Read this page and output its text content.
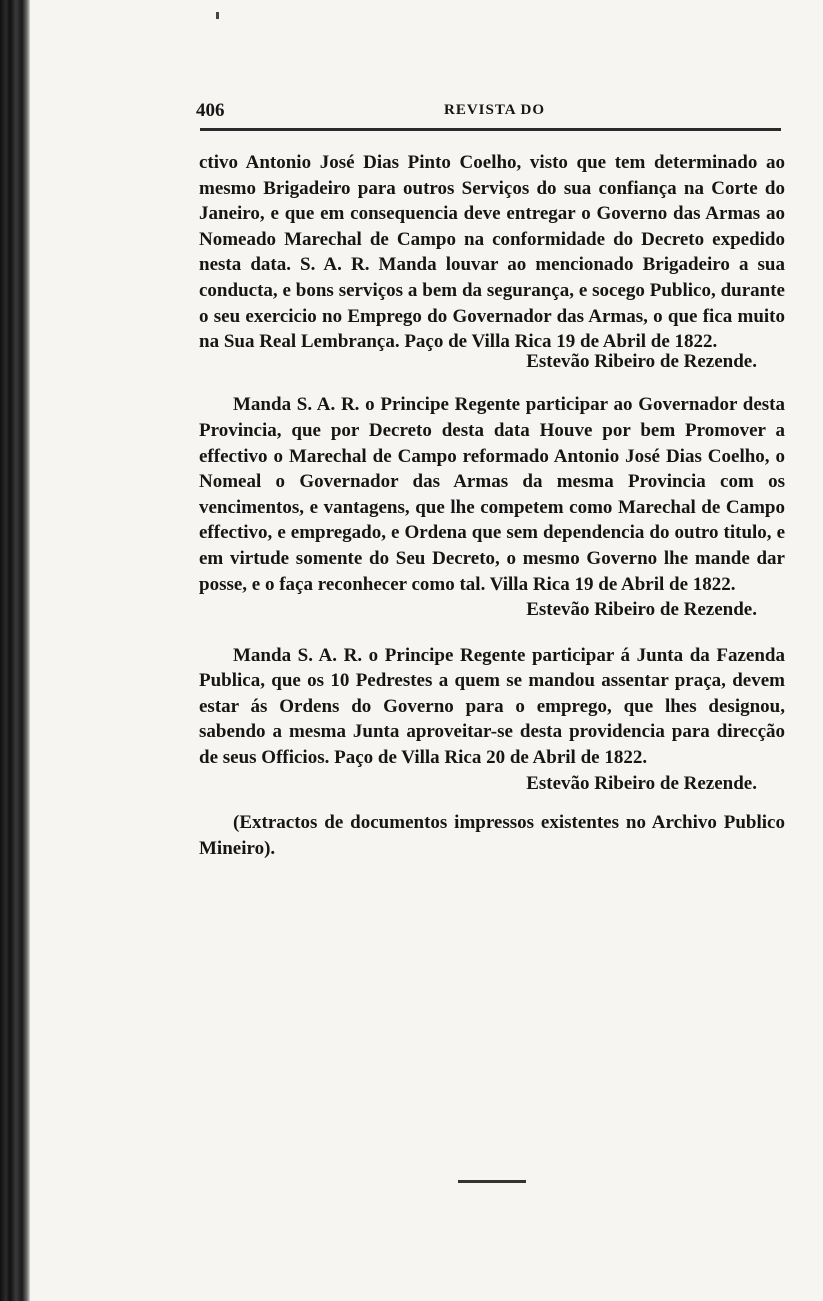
406	REVISTA DO

ctivo Antonio José Dias Pinto Coelho, visto que tem determinado ao mesmo Brigadeiro para outros Serviços do sua confiança na Corte do Janeiro, e que em consequencia deve entregar o Governo das Armas ao Nomeado Marechal de Campo na conformidade do Decreto expedido nesta data. S. A. R. Manda louvar ao mencionado Brigadeiro a sua conducta, e bons serviços a bem da segurança, e socego Publico, durante o seu exercicio no Emprego do Governador das Armas, o que fica muito na Sua Real Lembrança. Paço de Villa Rica 19 de Abril de 1822.

Estevão Ribeiro de Rezende.

Manda S. A. R. o Principe Regente participar ao Governador desta Provincia, que por Decreto desta data Houve por bem Promover a effectivo o Marechal de Campo reformado Antonio José Dias Coelho, o Nomeal o Governador das Armas da mesma Provincia com os vencimentos, e vantagens, que lhe competem como Marechal de Campo effectivo, e empregado, e Ordena que sem dependencia do outro titulo, e em virtude somente do Seu Decreto, o mesmo Governo lhe mande dar posse, e o faça reconhecer como tal. Villa Rica 19 de Abril de 1822.

Estevão Ribeiro de Rezende.

Manda S. A. R. o Principe Regente participar á Junta da Fazenda Publica, que os 10 Pedrestes a quem se mandou assentar praça, devem estar ás Ordens do Governo para o emprego, que lhes designou, sabendo a mesma Junta aproveitar-se desta providencia para direcção de seus Officios. Paço de Villa Rica 20 de Abril de 1822.

Estevão Ribeiro de Rezende.

(Extractos de documentos impressos existentes no Archivo Publico Mineiro).
